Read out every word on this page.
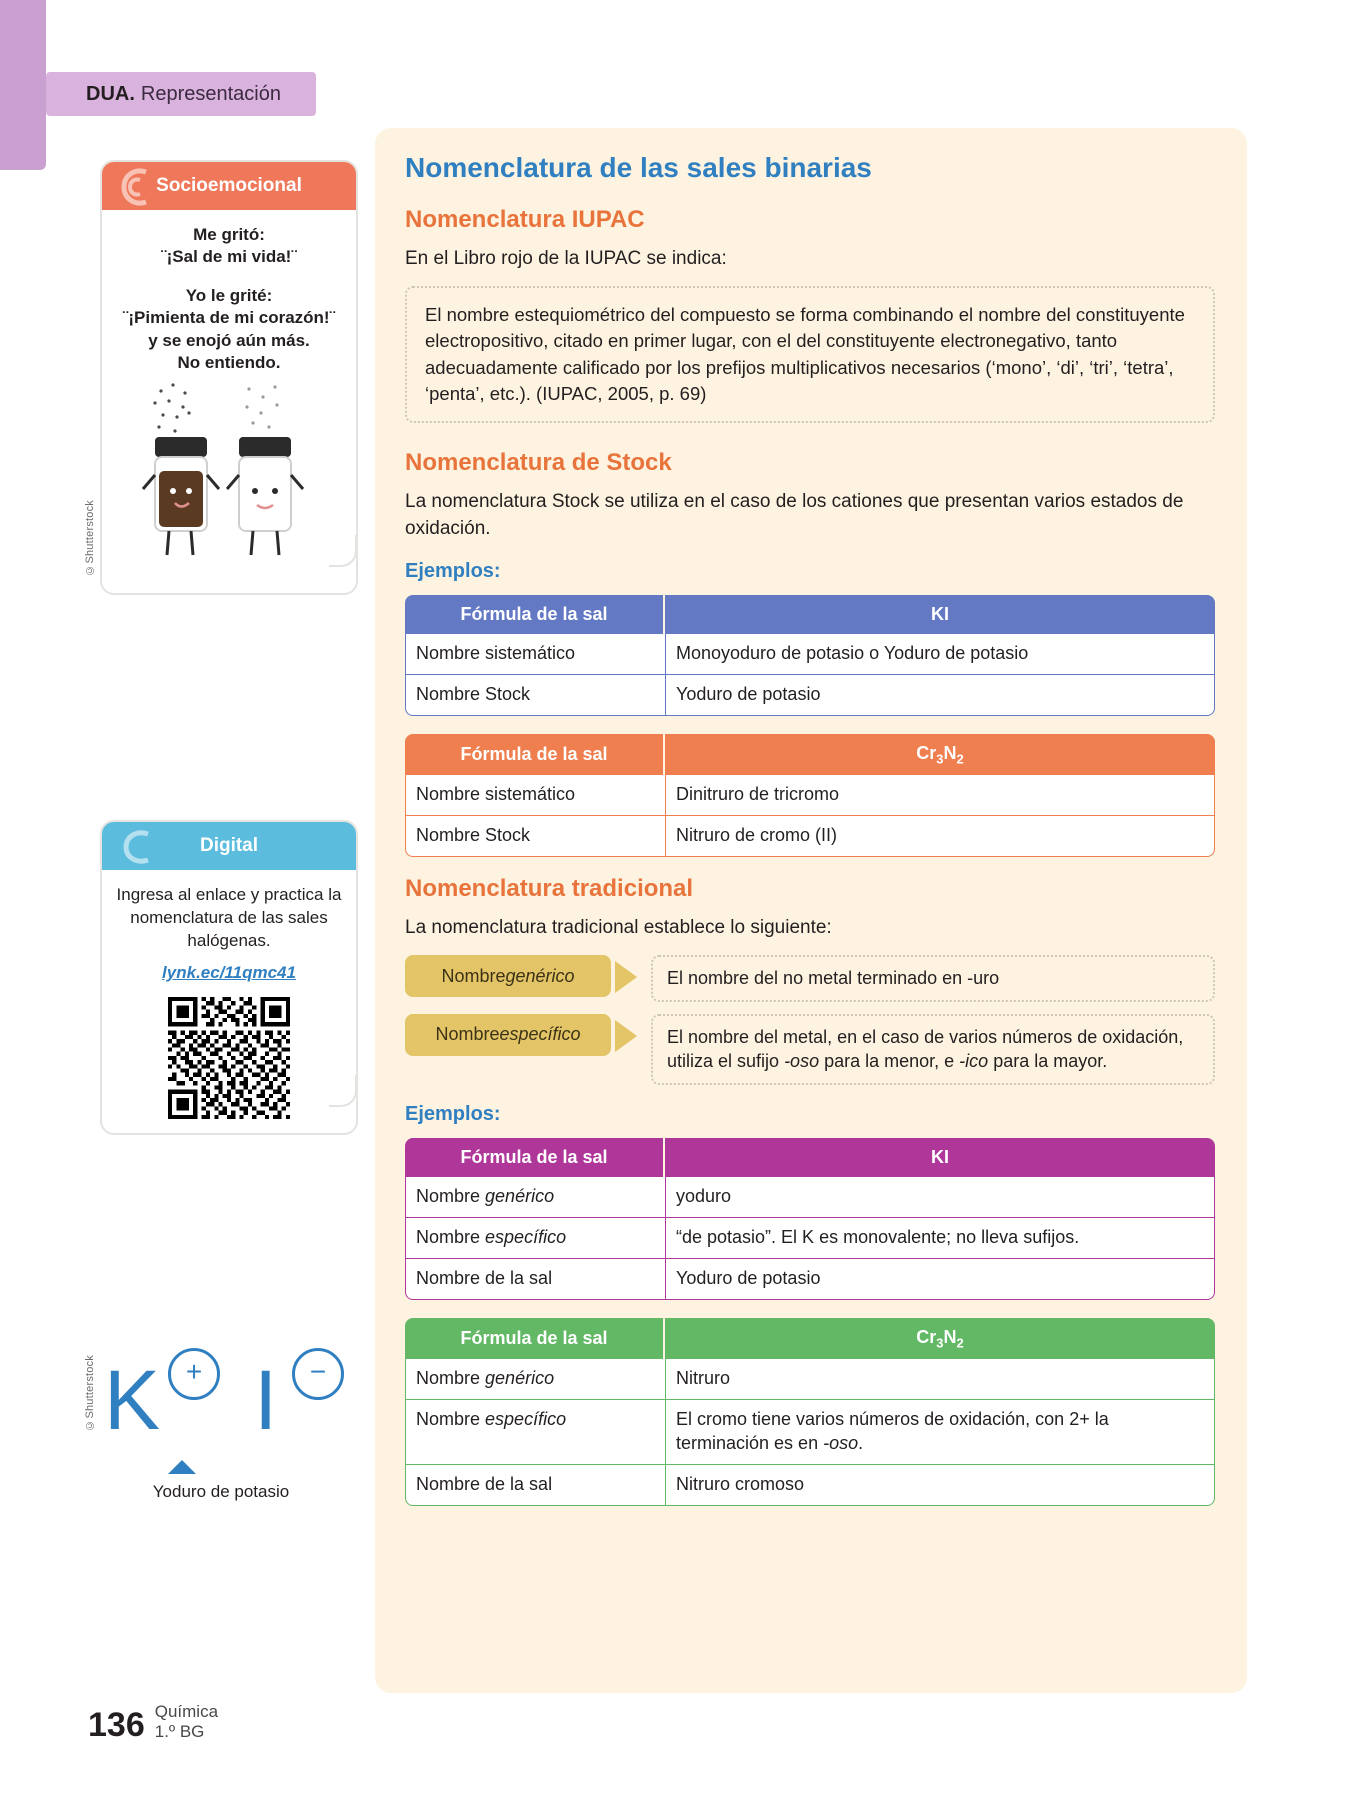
DUA. Representación
Socioemocional

Me gritó:

¨¡Sal de mi vida!¨

Yo le grité:

¨¡Pimienta de mi corazón!¨

y se enojó aún más.

No entiendo.

©Shutterstock
Digital
Ingresa al enlace y practica la nomenclatura de las sales halógenas.
lynk.ec/11qmc41
©Shutterstock K + I	−
Yoduro de potasio
Nomenclatura de las sales binarias
Nomenclatura IUPAC

En el Libro rojo de la IUPAC se indica:

El nombre estequiométrico del compuesto se forma combinando el nombre del constituyente electropositivo, citado en primer lugar, con el del constituyente electronegativo, tanto adecuadamente calificado por los prefijos multiplicativos necesarios (‘mono’, ‘di’, ‘tri’, ‘tetra’, ‘penta’, etc.). (IUPAC, 2005, p. 69)
Nomenclatura de Stock

La nomenclatura Stock se utiliza en el caso de los cationes que presentan varios estados de oxidación.

Ejemplos:
Fórmula de la sal	KI
Nombre sistemático	Monoyoduro de potasio o Yoduro de potasio
Nombre Stock	Yoduro de potasio
Fórmula de la sal	$Cr_3N_2$
Nombre sistemático	Dinitruro de tricromo
Nombre Stock	Nitruro de cromo (II)
Nomenclatura tradicional

La nomenclatura tradicional establece lo siguiente:

Nombre genérico	El nombre del no metal terminado en -uro
Nombre específico	El nombre del metal, en el caso de varios números de oxidación, utiliza el sufijo -oso para la menor, e -ico para la mayor.
Ejemplos:
Fórmula de la sal	KI
Nombre genérico	yoduro
Nombre específico	“de potasio”. El K es monovalente; no lleva sufijos.
Nombre de la sal	Yoduro de potasio
Fórmula de la sal	$Cr_3N_2$
Nombre genérico	Nitruro
Nombre específico	El cromo tiene varios números de oxidación, con 2+ la terminación es en -oso.
Nombre de la sal	Nitruro cromoso
136 Química
1.º BG
